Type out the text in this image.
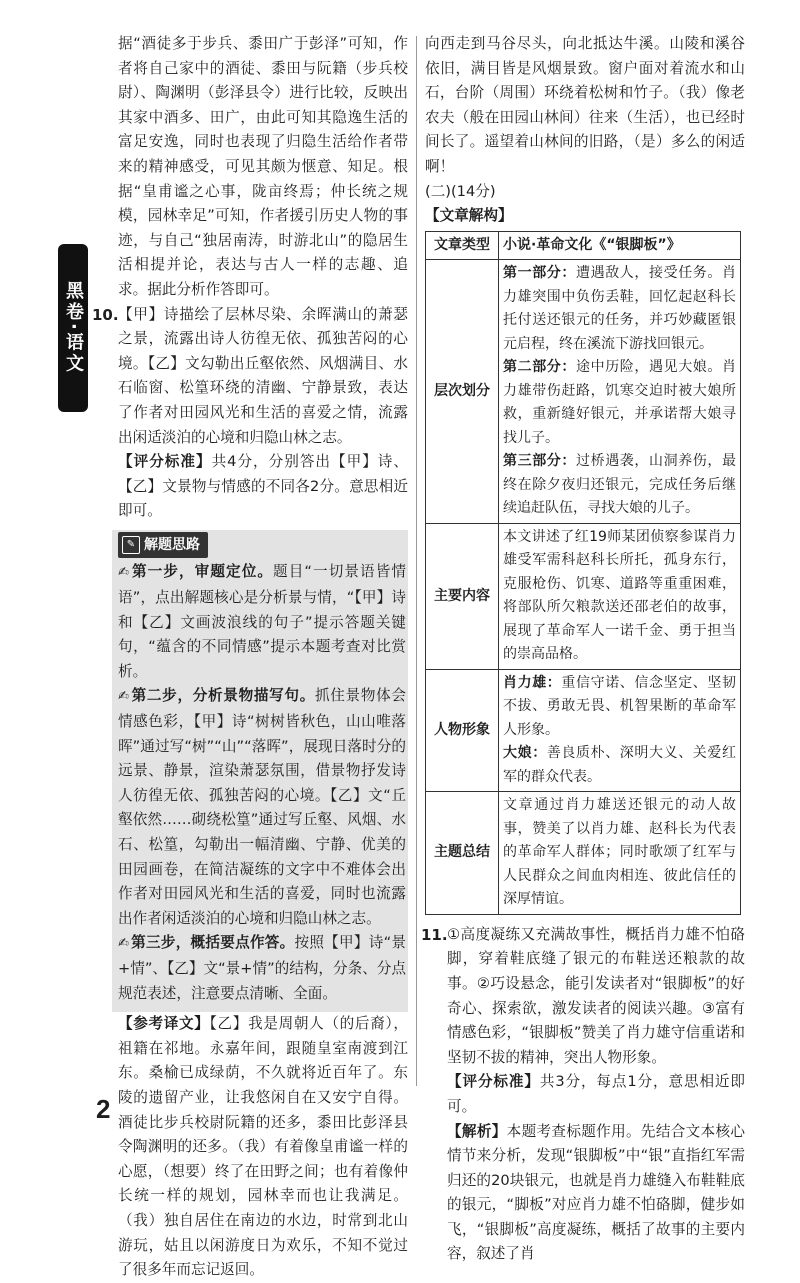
黑卷·语文
2

据“酒徒多于步兵、黍田广于彭泽”可知，作者将自己家中的酒徒、黍田与阮籍（步兵校尉）、陶渊明（彭泽县令）进行比较，反映出其家中酒多、田广，由此可知其隐逸生活的富足安逸，同时也表现了归隐生活给作者带来的精神感受，可见其颇为惬意、知足。根据“皇甫谧之心事，陇亩终焉；仲长统之规模，园林幸足”可知，作者援引历史人物的事迹，与自己“独居南涛，时游北山”的隐居生活相提并论，表达与古人一样的志趣、追求。据此分析作答即可。

10. 【甲】诗描绘了层林尽染、余晖满山的萧瑟之景，流露出诗人彷徨无依、孤独苦闷的心境。【乙】文勾勒出丘壑依然、风烟满目、水石临窗、松篁环绕的清幽、宁静景致，表达了作者对田园风光和生活的喜爱之情，流露出闲适淡泊的心境和归隐山林之志。

【评分标准】共4分，分别答出【甲】诗、【乙】文景物与情感的不同各2分。意思相近即可。

✎ 解题思路

✍ 第一步，审题定位。题目“一切景语皆情语”，点出解题核心是分析景与情，“【甲】诗和【乙】文画波浪线的句子”提示答题关键句，“蕴含的不同情感”提示本题考查对比赏析。

✍ 第二步，分析景物描写句。抓住景物体会情感色彩，【甲】诗“树树皆秋色，山山唯落晖”通过写“树”“山”“落晖”，展现日落时分的远景、静景，渲染萧瑟氛围，借景物抒发诗人彷徨无依、孤独苦闷的心境。【乙】文“丘壑依然……砌绕松篁”通过写丘壑、风烟、水石、松篁，勾勒出一幅清幽、宁静、优美的田园画卷，在简洁凝练的文字中不难体会出作者对田园风光和生活的喜爱，同时也流露出作者闲适淡泊的心境和归隐山林之志。

✍ 第三步，概括要点作答。按照【甲】诗“景+情”、【乙】文“景+情”的结构，分条、分点规范表述，注意要点清晰、全面。

【参考译文】【乙】我是周朝人（的后裔），祖籍在祁地。永嘉年间，跟随皇室南渡到江东。桑榆已成绿荫，不久就将近百年了。东陵的遗留产业，让我悠闲自在又安宁自得。酒徒比步兵校尉阮籍的还多，黍田比彭泽县令陶渊明的还多。（我）有着像皇甫谧一样的心愿，（想要）终了在田野之间；也有着像仲长统一样的规划，园林幸而也让我满足。（我）独自居住在南边的水边，时常到北山游玩，姑且以闲游度日为欢乐，不知不觉过了很多年而忘记返回。

向西走到马谷尽头，向北抵达牛溪。山陵和溪谷依旧，满目皆是风烟景致。窗户面对着流水和山石，台阶（周围）环绕着松树和竹子。（我）像老农夫（般在田园山林间）往来（生活），也已经时间长了。遥望着山林间的旧路，（是）多么的闲适啊！

(二)(14分)

【文章解构】

文章类型	小说·革命文化《“银脚板”》
层次划分	第一部分：遭遇敌人，接受任务。肖力雄突围中负伤丢鞋，回忆起赵科长托付送还银元的任务，并巧妙藏匿银元启程，终在溪流下游找回银元。

第二部分：途中历险，遇见大娘。肖力雄带伤赶路，饥寒交迫时被大娘所救，重新缝好银元，并承诺帮大娘寻找儿子。

第三部分：过桥遇袭，山洞养伤，最终在除夕夜归还银元，完成任务后继续追赶队伍，寻找大娘的儿子。

主要内容	本文讲述了红19师某团侦察参谋肖力雄受军需科赵科长所托，孤身东行，克服枪伤、饥寒、道路等重重困难，将部队所欠粮款送还邵老伯的故事，展现了革命军人一诺千金、勇于担当的崇高品格。
人物形象	肖力雄：重信守诺、信念坚定、坚韧不拔、勇敢无畏、机智果断的革命军人形象。

大娘：善良质朴、深明大义、关爱红军的群众代表。

主题总结	文章通过肖力雄送还银元的动人故事，赞美了以肖力雄、赵科长为代表的革命军人群体；同时歌颂了红军与人民群众之间血肉相连、彼此信任的深厚情谊。
11. ①高度凝练又充满故事性，概括肖力雄不怕硌脚，穿着鞋底缝了银元的布鞋送还粮款的故事。②巧设悬念，能引发读者对“银脚板”的好奇心、探索欲，激发读者的阅读兴趣。③富有情感色彩，“银脚板”赞美了肖力雄守信重诺和坚韧不拔的精神，突出人物形象。

【评分标准】共3分，每点1分，意思相近即可。

【解析】本题考查标题作用。先结合文本核心情节来分析，发现“银脚板”中“银”直指红军需归还的20块银元，也就是肖力雄缝入布鞋鞋底的银元，“脚板”对应肖力雄不怕硌脚，健步如飞，“银脚板”高度凝练，概括了故事的主要内容，叙述了肖
